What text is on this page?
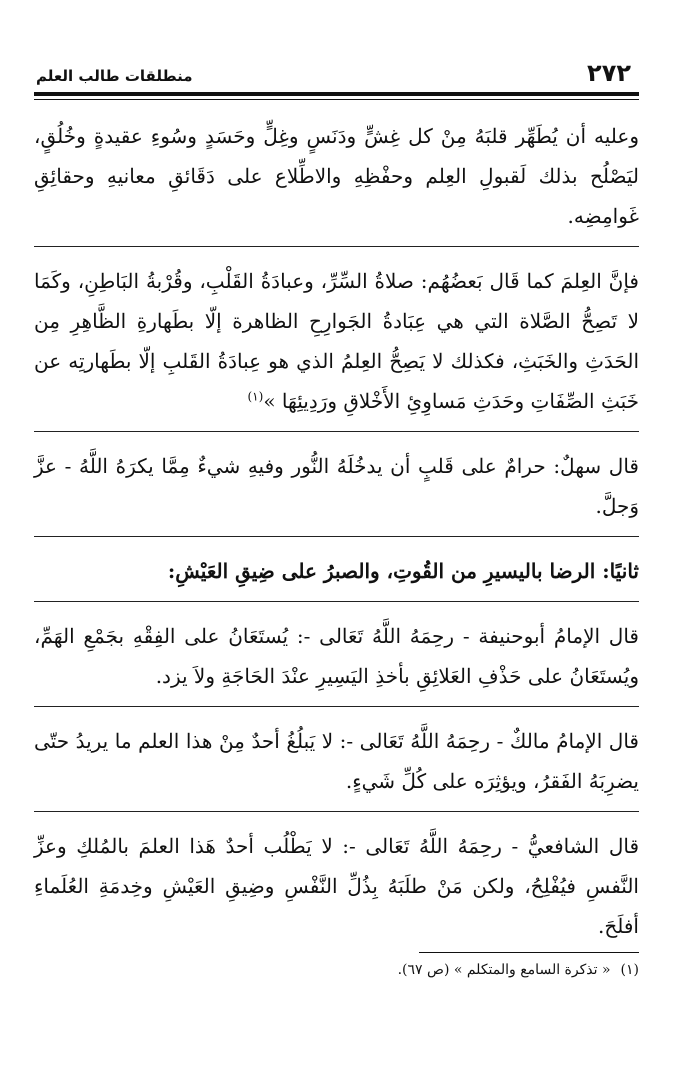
٢٧٢
منطلقات طالب العلم

وعليه أن يُطَهِّر قلبَهُ مِنْ كل غِشٍّ ودَنَسٍ وغِلٍّ وحَسَدٍ وسُوءِ عقيدةٍ وخُلُقٍ، ليَصْلُح بذلك لَقبولِ العِلم وحفْظِهِ والاطِّلاع على دَقَائقِ معانيهِ وحقائِقِ غَوامِضِه.

فإنَّ العِلمَ كما قَال بَعضُهُم: صلاةُ السِّرِّ، وعبادَةُ القَلْبِ، وقُرْبةُ البَاطِنِ، وكَمَا لا تَصِحُّ الصَّلاة التي هي عِبَادةُ الجَوارِحِ الظاهرة إلّا بطَهارةِ الظَّاهِرِ مِن الحَدَثِ والخَبَثِ، فكذلك لا يَصِحُّ العِلمُ الذي هو عِبادَةُ القَلبِ إلّا بطَهارتِه عن خَبَثِ الصِّفَاتِ وحَدَثِ مَساوِئِ الأَخْلاقِ ورَدِيئِهَا »$^{(١)}$

قال سهلٌ: حرامٌ على قَلبٍ أن يدخُلَهُ النُّور وفيهِ شيءٌ مِمَّا يكرَهُ اللَّهُ - عزَّ وَجلَّ.

ثانيًا: الرضا باليسيرِ من القُوتِ، والصبرُ على ضِيقِ العَيْشِ:

قال الإمامُ أبوحنيفة - رحِمَهُ اللَّهُ تَعَالى -: يُستَعَانُ على الفِقْهِ بجَمْعِ الهَمِّ، ويُستَعَانُ على حَذْفِ العَلائِقِ بأخذِ اليَسِيرِ عنْدَ الحَاجَةِ ولاَ يزد.

قال الإمامُ مالكٌ - رحِمَهُ اللَّهُ تَعَالى -: لا يَبلُغُ أحدٌ مِنْ هذا العلم ما يريدُ حتّى يضرِبَهُ الفَقرُ، ويؤثِرَه على كُلِّ شَيءٍ.

قال الشافعيُّ - رحِمَهُ اللَّهُ تَعَالى -: لا يَطْلُب أحدٌ هَذا العلمَ بالمُلكِ وعزِّ النَّفسِ فيُفْلِحُ، ولكن مَنْ طلَبَهُ بِذُلِّ النَّفْسِ وضِيقِ العَيْشِ وخِدمَةِ العُلَماءِ أفلَحَ.

(١)« تذكرة السامع والمتكلم » (ص ٦٧).
